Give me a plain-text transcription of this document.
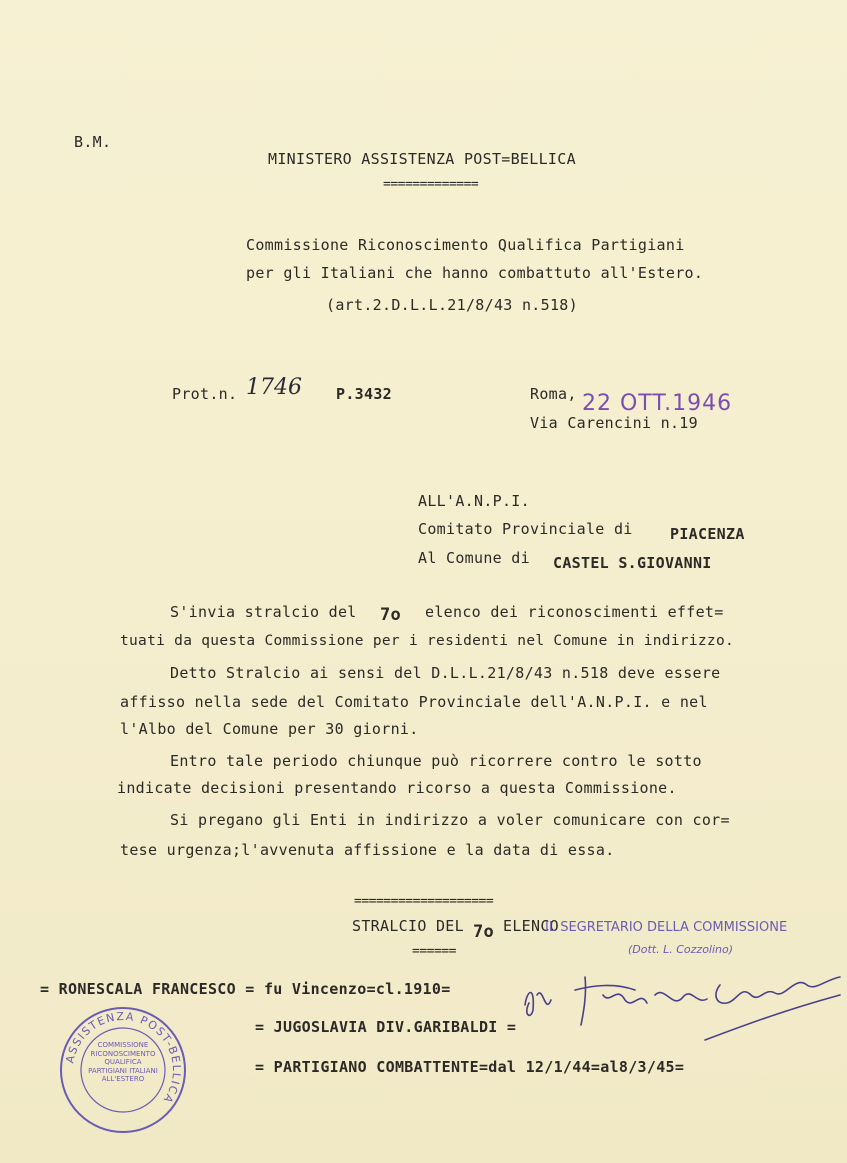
B.M.
MINISTERO ASSISTENZA POST=BELLICA
=============
Commissione Riconoscimento Qualifica Partigiani
per gli Italiani che hanno combattuto all'Estero.
(art.2.D.L.L.21/8/43 n.518)
Prot.n. 1746 P.3432	Roma, 22 OTT.1946
Via Carencini n.19
ALL'A.N.P.I.
Comitato Provinciale di PIACENZA
Al Comune di CASTEL S.GIOVANNI
S'invia stralcio del 7o elenco dei riconoscimenti effet=
tuati da questa Commissione per i residenti nel Comune in indirizzo.
Detto Stralcio ai sensi del D.L.L.21/8/43 n.518 deve essere
affisso nella sede del Comitato Provinciale dell'A.N.P.I. e nel
l'Albo del Comune per 30 giorni.
Entro tale periodo chiunque può ricorrere contro le sotto
indicate decisioni presentando ricorso a questa Commissione.
Si pregano gli Enti in indirizzo a voler comunicare con cor=
tese urgenza;l'avvenuta affissione e la data di essa.
===================
STRALCIO DEL 7o ELENCO
======
IL SEGRETARIO DELLA COMMISSIONE
(Dott. L. Cozzolino)
= RONESCALA FRANCESCO = fu Vincenzo=cl.1910=
= JUGOSLAVIA DIV.GARIBALDI =
= PARTIGIANO COMBATTENTE=dal 12/1/44=al8/3/45=
ASSISTENZA POST-BELLICA
COMMISSIONE RICONOSCIMENTO QUALIFICA PARTIGIANI ITALIANI ALL'ESTERO
